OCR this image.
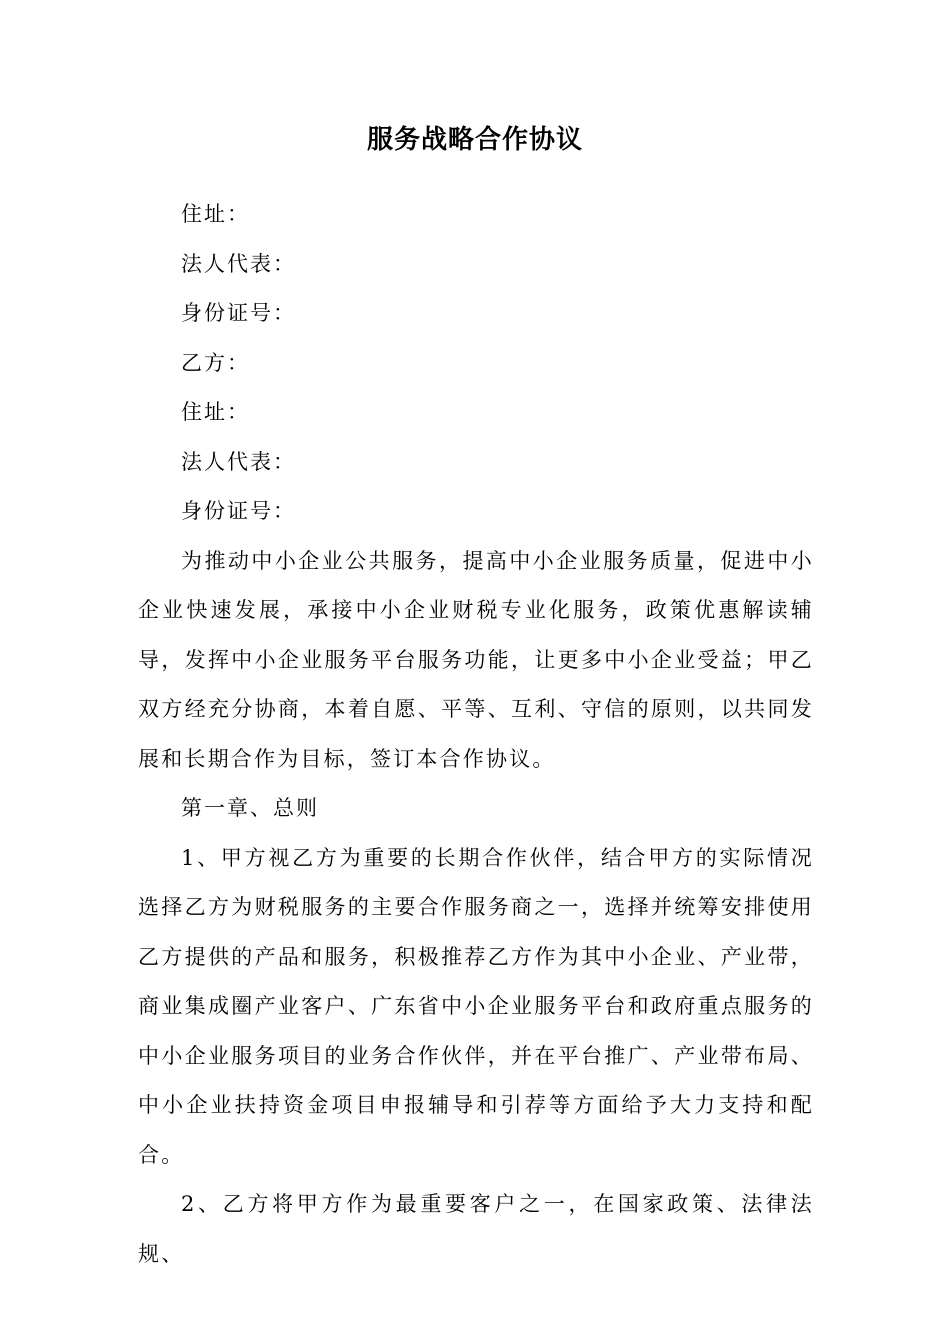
服务战略合作协议

住址：

法人代表：

身份证号：

乙方：

住址：

法人代表：

身份证号：

为推动中小企业公共服务，提高中小企业服务质量，促进中小企业快速发展，承接中小企业财税专业化服务，政策优惠解读辅导，发挥中小企业服务平台服务功能，让更多中小企业受益；甲乙双方经充分协商，本着自愿、平等、互利、守信的原则，以共同发展和长期合作为目标，签订本合作协议。

第一章、总则

1、甲方视乙方为重要的长期合作伙伴，结合甲方的实际情况选择乙方为财税服务的主要合作服务商之一，选择并统筹安排使用乙方提供的产品和服务，积极推荐乙方作为其中小企业、产业带，商业集成圈产业客户、广东省中小企业服务平台和政府重点服务的中小企业服务项目的业务合作伙伴，并在平台推广、产业带布局、中小企业扶持资金项目申报辅导和引荐等方面给予大力支持和配合。

2、乙方将甲方作为最重要客户之一，在国家政策、法律法规、
